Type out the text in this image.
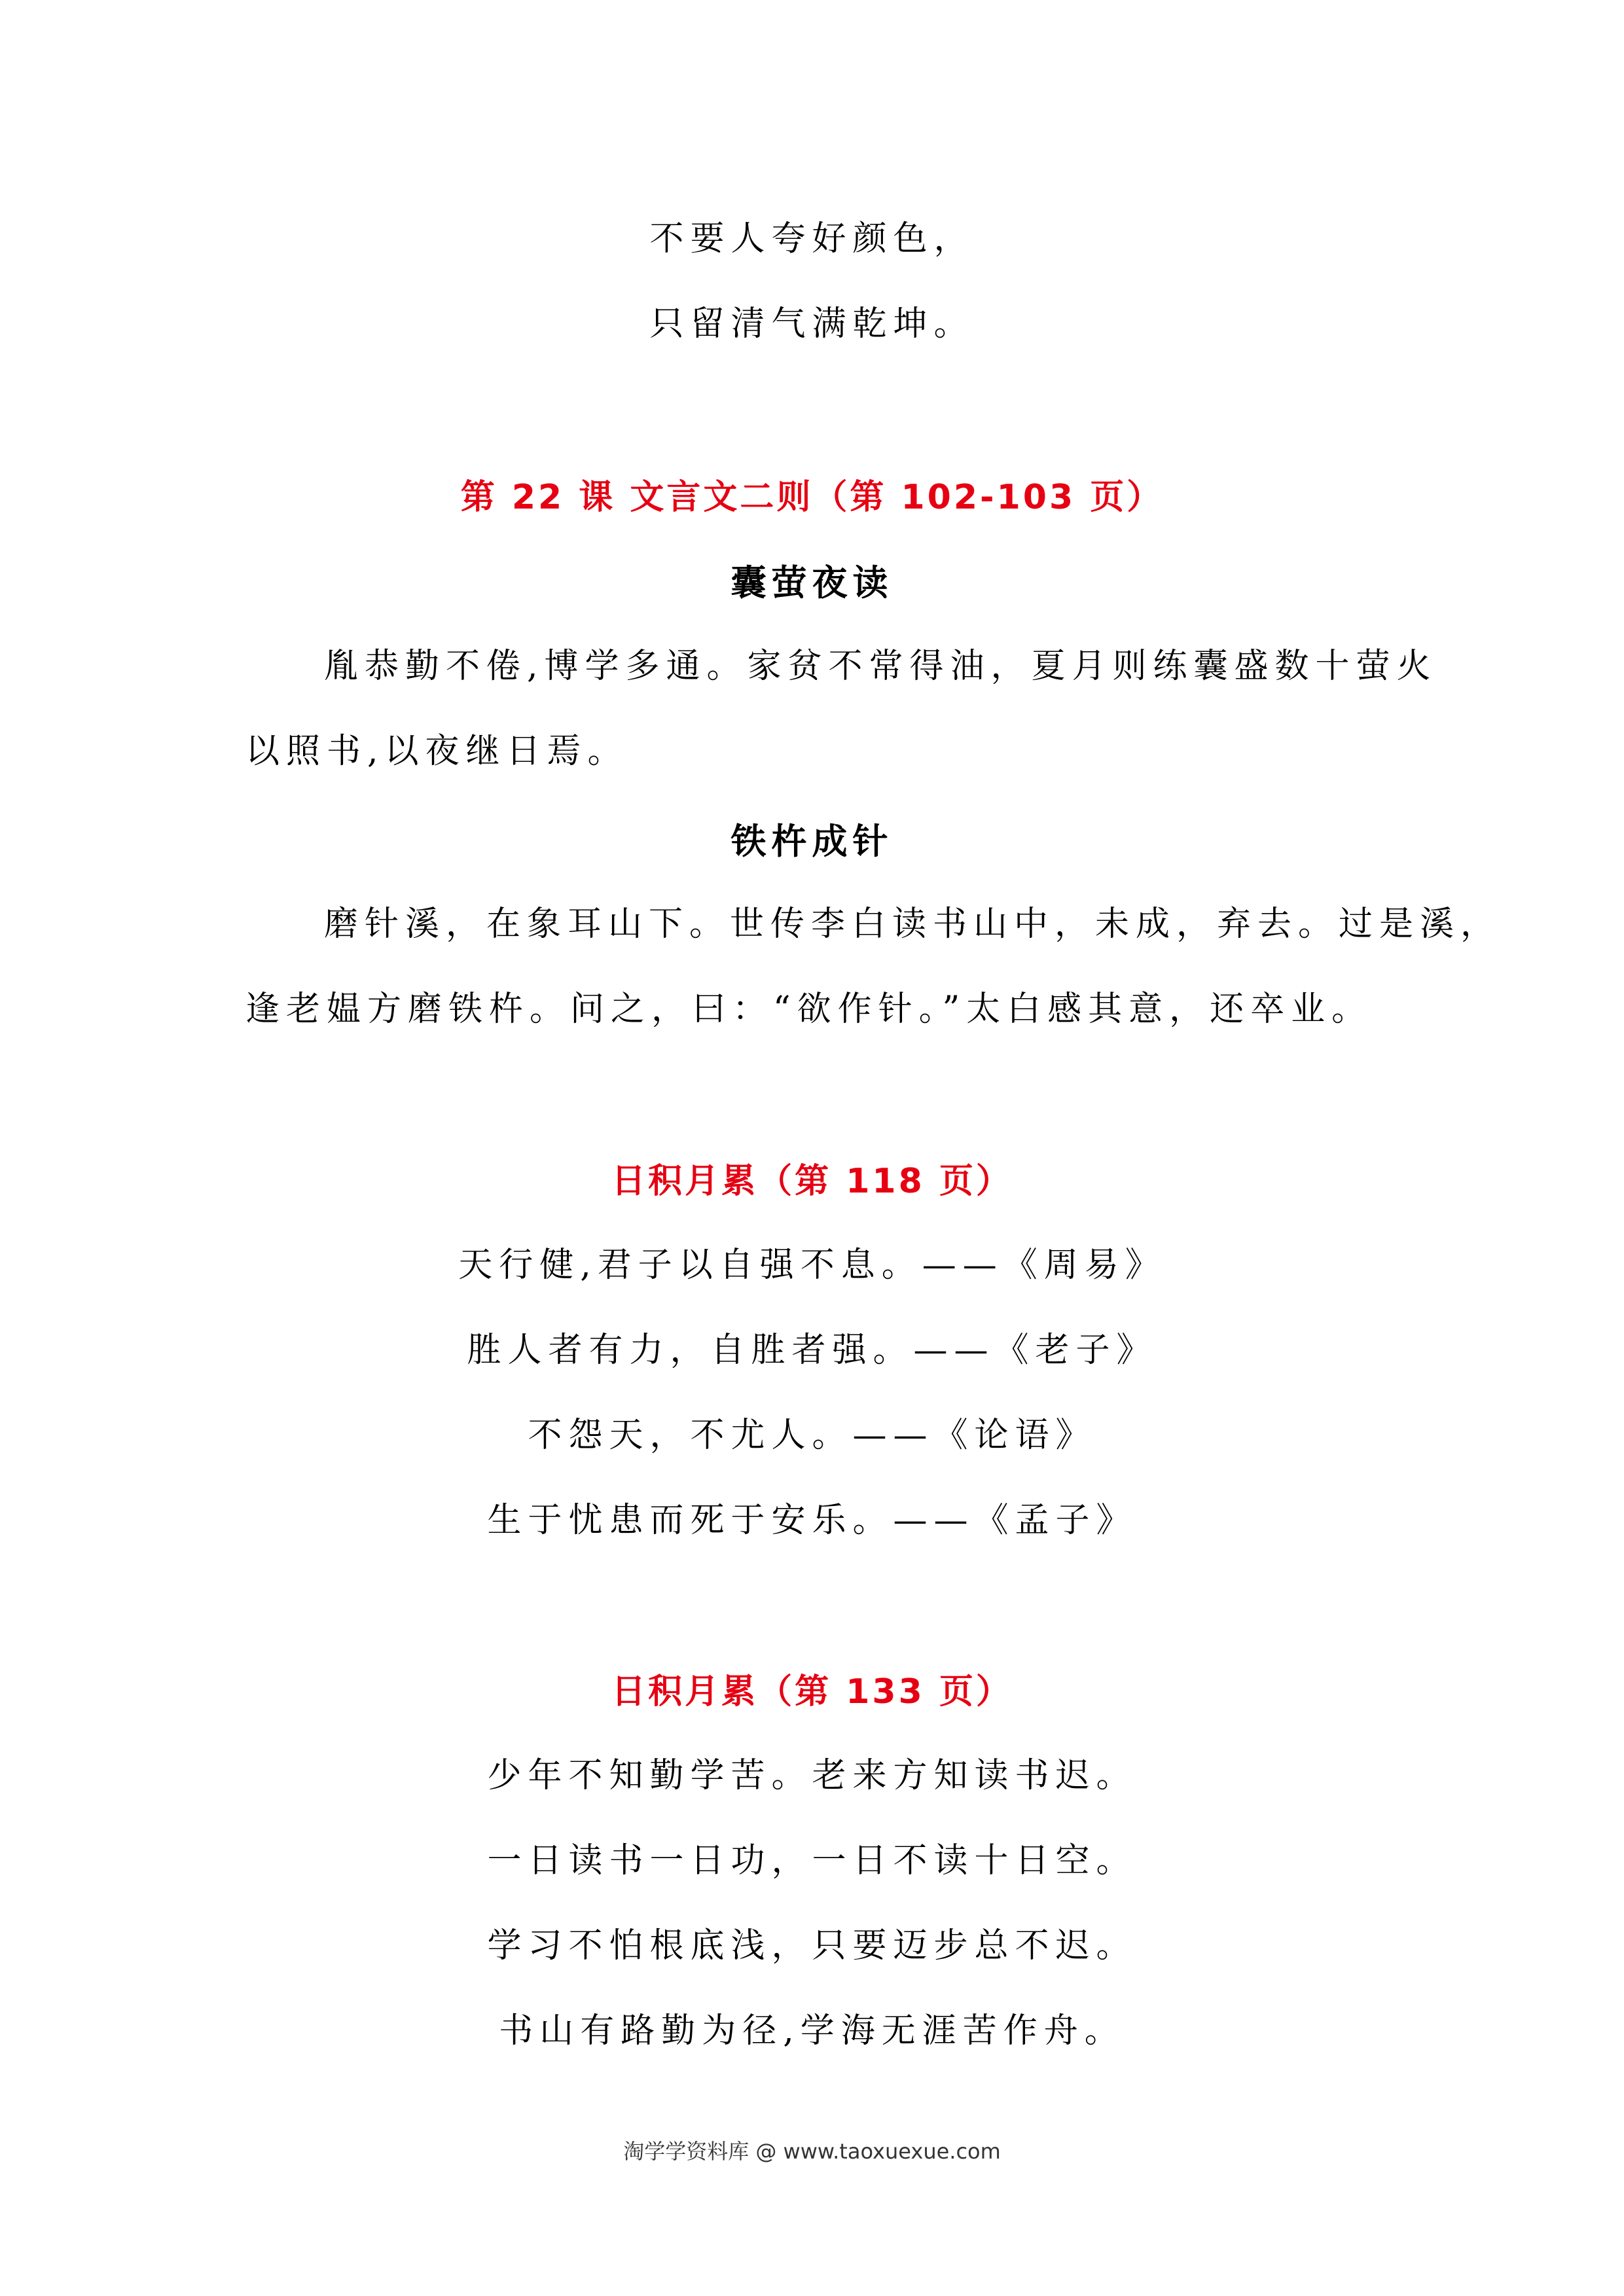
不要人夸好颜色，
只留清气满乾坤。
第 22 课 文言文二则（第 102-103 页）
囊萤夜读
胤恭勤不倦,博学多通。家贫不常得油，夏月则练囊盛数十萤火
以照书,以夜继日焉。
铁杵成针
磨针溪，在象耳山下。世传李白读书山中，未成，弃去。过是溪，
逢老媪方磨铁杵。问之，曰：“欲作针。”太白感其意，还卒业。
日积月累（第 118 页）
天行健,君子以自强不息。——《周易》
胜人者有力，自胜者强。——《老子》
不怨天，不尤人。——《论语》
生于忧患而死于安乐。——《孟子》
日积月累（第 133 页）
少年不知勤学苦。老来方知读书迟。
一日读书一日功，一日不读十日空。
学习不怕根底浅，只要迈步总不迟。
书山有路勤为径,学海无涯苦作舟。
淘学学资料库 @ www.taoxuexue.com
